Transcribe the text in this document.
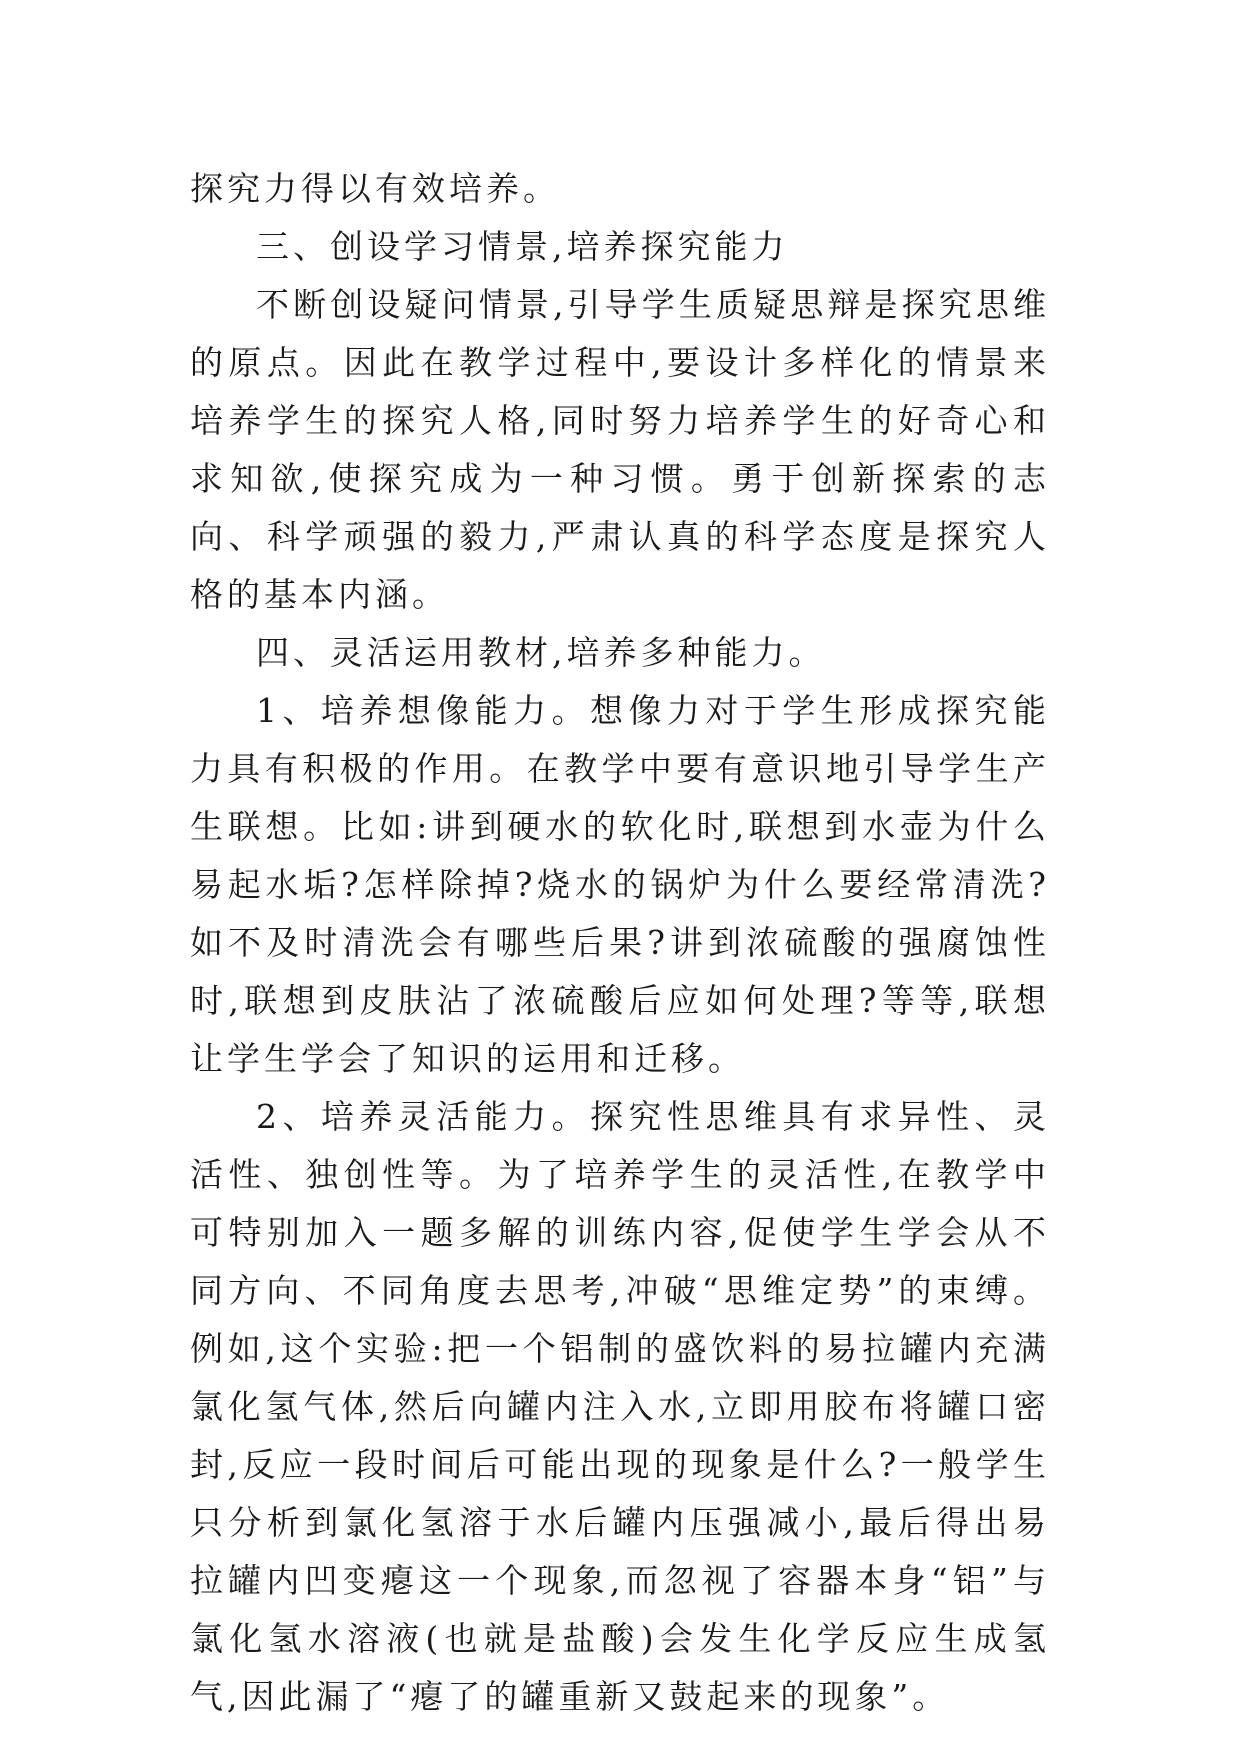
探究力得以有效培养。

三、创设学习情景,培养探究能力

不断创设疑问情景,引导学生质疑思辩是探究思维的原点。因此在教学过程中,要设计多样化的情景来培养学生的探究人格,同时努力培养学生的好奇心和求知欲,使探究成为一种习惯。勇于创新探索的志向、科学顽强的毅力,严肃认真的科学态度是探究人格的基本内涵。

四、灵活运用教材,培养多种能力。

1、培养想像能力。想像力对于学生形成探究能力具有积极的作用。在教学中要有意识地引导学生产生联想。比如:讲到硬水的软化时,联想到水壶为什么易起水垢?怎样除掉?烧水的锅炉为什么要经常清洗?如不及时清洗会有哪些后果?讲到浓硫酸的强腐蚀性时,联想到皮肤沾了浓硫酸后应如何处理?等等,联想让学生学会了知识的运用和迁移。

2、培养灵活能力。探究性思维具有求异性、灵活性、独创性等。为了培养学生的灵活性,在教学中可特别加入一题多解的训练内容,促使学生学会从不同方向、不同角度去思考,冲破“思维定势”的束缚。例如,这个实验:把一个铝制的盛饮料的易拉罐内充满氯化氢气体,然后向罐内注入水,立即用胶布将罐口密封,反应一段时间后可能出现的现象是什么?一般学生只分析到氯化氢溶于水后罐内压强减小,最后得出易拉罐内凹变瘪这一个现象,而忽视了容器本身“铝”与氯化氢水溶液(也就是盐酸)会发生化学反应生成氢气,因此漏了“瘪了的罐重新又鼓起来的现象”。
